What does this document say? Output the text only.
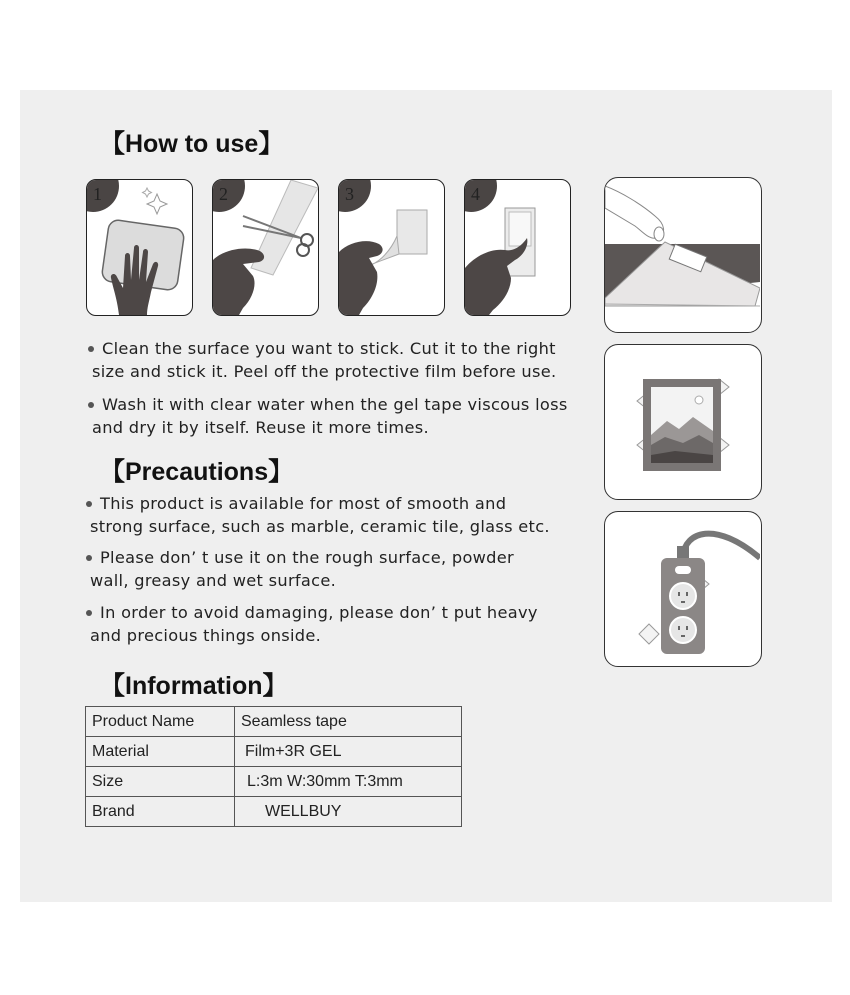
【How to use】
1	2	3	4
Clean the surface you want to stick. Cut it to the right
size and stick it. Peel off the protective film before use.
Wash it with clear water when the gel tape viscous loss
and dry it by itself. Reuse it more times.
【Precautions】
This product is available for most of smooth and
strong surface, such as marble, ceramic tile, glass etc.
Please don’ t use it on the rough surface, powder
wall, greasy and wet surface.
In order to avoid damaging, please don’ t put heavy
and precious things onside.
【Information】
Product Name	Seamless tape
Material	Film+3R GEL
Size	L:3m W:30mm T:3mm
Brand	WELLBUY
